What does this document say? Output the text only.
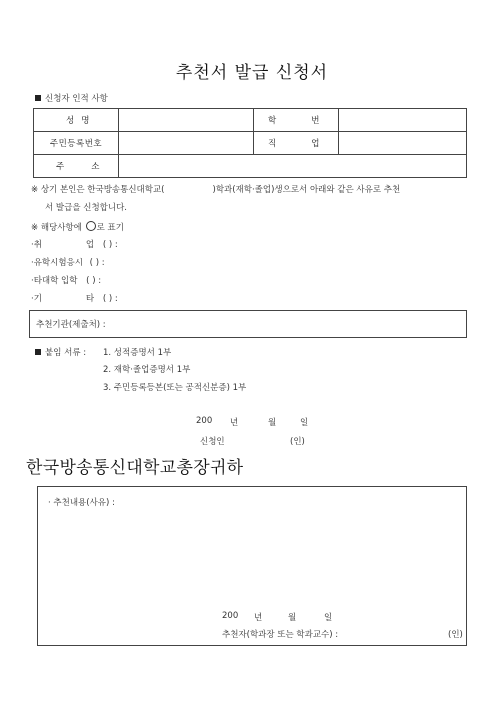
추천서 발급 신청서
신청자 인적 사항
성 명		학 번	

주민등록번호		직 업	

주 소			

※ 상기 본인은 한국방송통신대학교(	)학과(재학·졸업)생으로서 아래와 같은 사유로 추천
서 발급을 신청합니다.
※ 해당사항에 ○로 표기
·취	업 ( ) :
·유학시험응시 ( ) :
·타대학 입학 ( ) :
·기	타 ( ) :
추천기관(제출처) :
붙임 서류 : 1. 성적증명서 1부
2. 재학·졸업증명서 1부
3. 주민등록등본(또는 공적신분증) 1부
200 년	월	일
신청인	(인)
한국방송통신대학교총장귀하
· 추천내용(사유) :
200 년	월	일
추천자(학과장 또는 학과교수) :	(인)
